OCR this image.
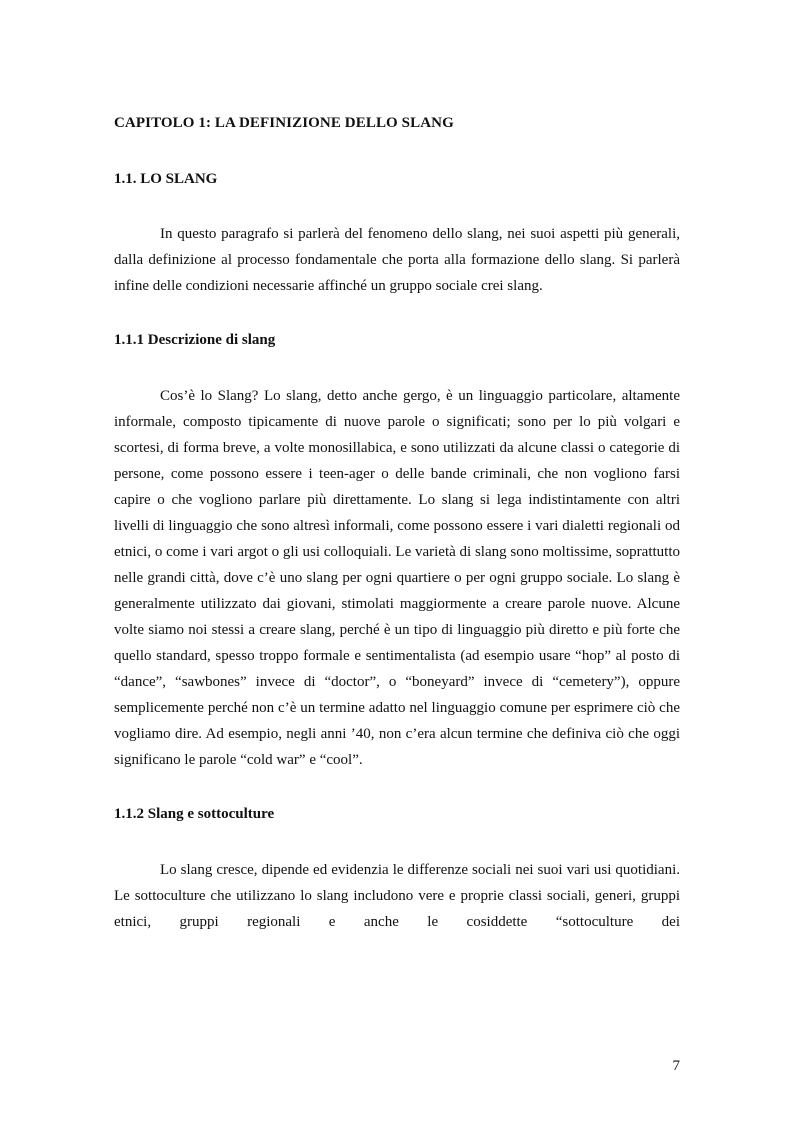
CAPITOLO 1: LA DEFINIZIONE DELLO SLANG
1.1. LO SLANG

In questo paragrafo si parlerà del fenomeno dello slang, nei suoi aspetti più generali, dalla definizione al processo fondamentale che porta alla formazione dello slang. Si parlerà infine delle condizioni necessarie affinché un gruppo sociale crei slang.

1.1.1 Descrizione di slang

Cos’è lo Slang? Lo slang, detto anche gergo, è un linguaggio particolare, altamente informale, composto tipicamente di nuove parole o significati; sono per lo più volgari e scortesi, di forma breve, a volte monosillabica, e sono utilizzati da alcune classi o categorie di persone, come possono essere i teen-ager o delle bande criminali, che non vogliono farsi capire o che vogliono parlare più direttamente. Lo slang si lega indistintamente con altri livelli di linguaggio che sono altresì informali, come possono essere i vari dialetti regionali od etnici, o come i vari argot o gli usi colloquiali. Le varietà di slang sono moltissime, soprattutto nelle grandi città, dove c’è uno slang per ogni quartiere o per ogni gruppo sociale. Lo slang è generalmente utilizzato dai giovani, stimolati maggiormente a creare parole nuove. Alcune volte siamo noi stessi a creare slang, perché è un tipo di linguaggio più diretto e più forte che quello standard, spesso troppo formale e sentimentalista (ad esempio usare “hop” al posto di “dance”, “sawbones” invece di “doctor”, o “boneyard” invece di “cemetery”), oppure semplicemente perché non c’è un termine adatto nel linguaggio comune per esprimere ciò che vogliamo dire. Ad esempio, negli anni ’40, non c’era alcun termine che definiva ciò che oggi significano le parole “cold war” e “cool”.

1.1.2 Slang e sottoculture

Lo slang cresce, dipende ed evidenzia le differenze sociali nei suoi vari usi quotidiani. Le sottoculture che utilizzano lo slang includono vere e proprie classi sociali, generi, gruppi etnici, gruppi regionali e anche le cosiddette “sottoculture dei

7
